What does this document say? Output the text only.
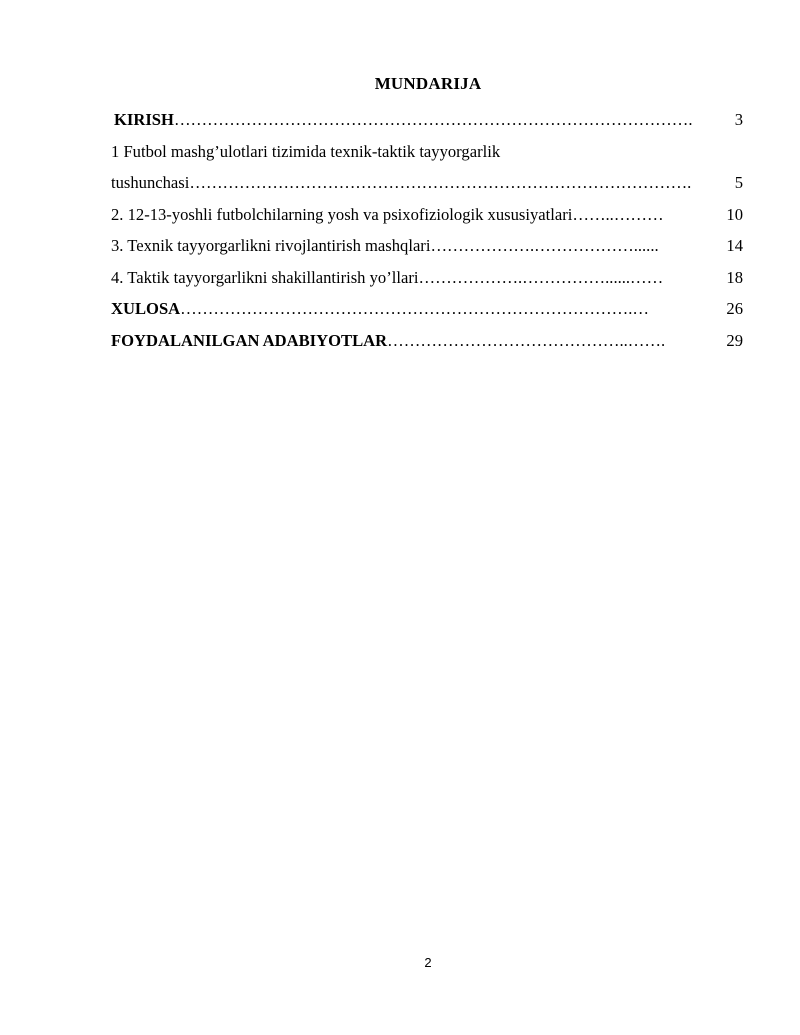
MUNDARIJA
KIRISH ………………………………………………………………………………….	3
1 Futbol mashg’ulotlari tizimida texnik-taktik tayyorgarlik
tushunchasi ……………………………………………………………………………….	5
2. 12-13-yoshli futbolchilarning yosh va psixofiziologik xususiyatlari ……..………	10
3. Texnik tayyorgarlikni rivojlantirish mashqlari ……………….………………......	14
4. Taktik tayyorgarlikni shakillantirish yo’llari ……………….……………......……	18
XULOSA ……………………………………………………………………….…	26
FOYDALANILGAN ADABIYOTLAR ……………………………………..…….	29
2
